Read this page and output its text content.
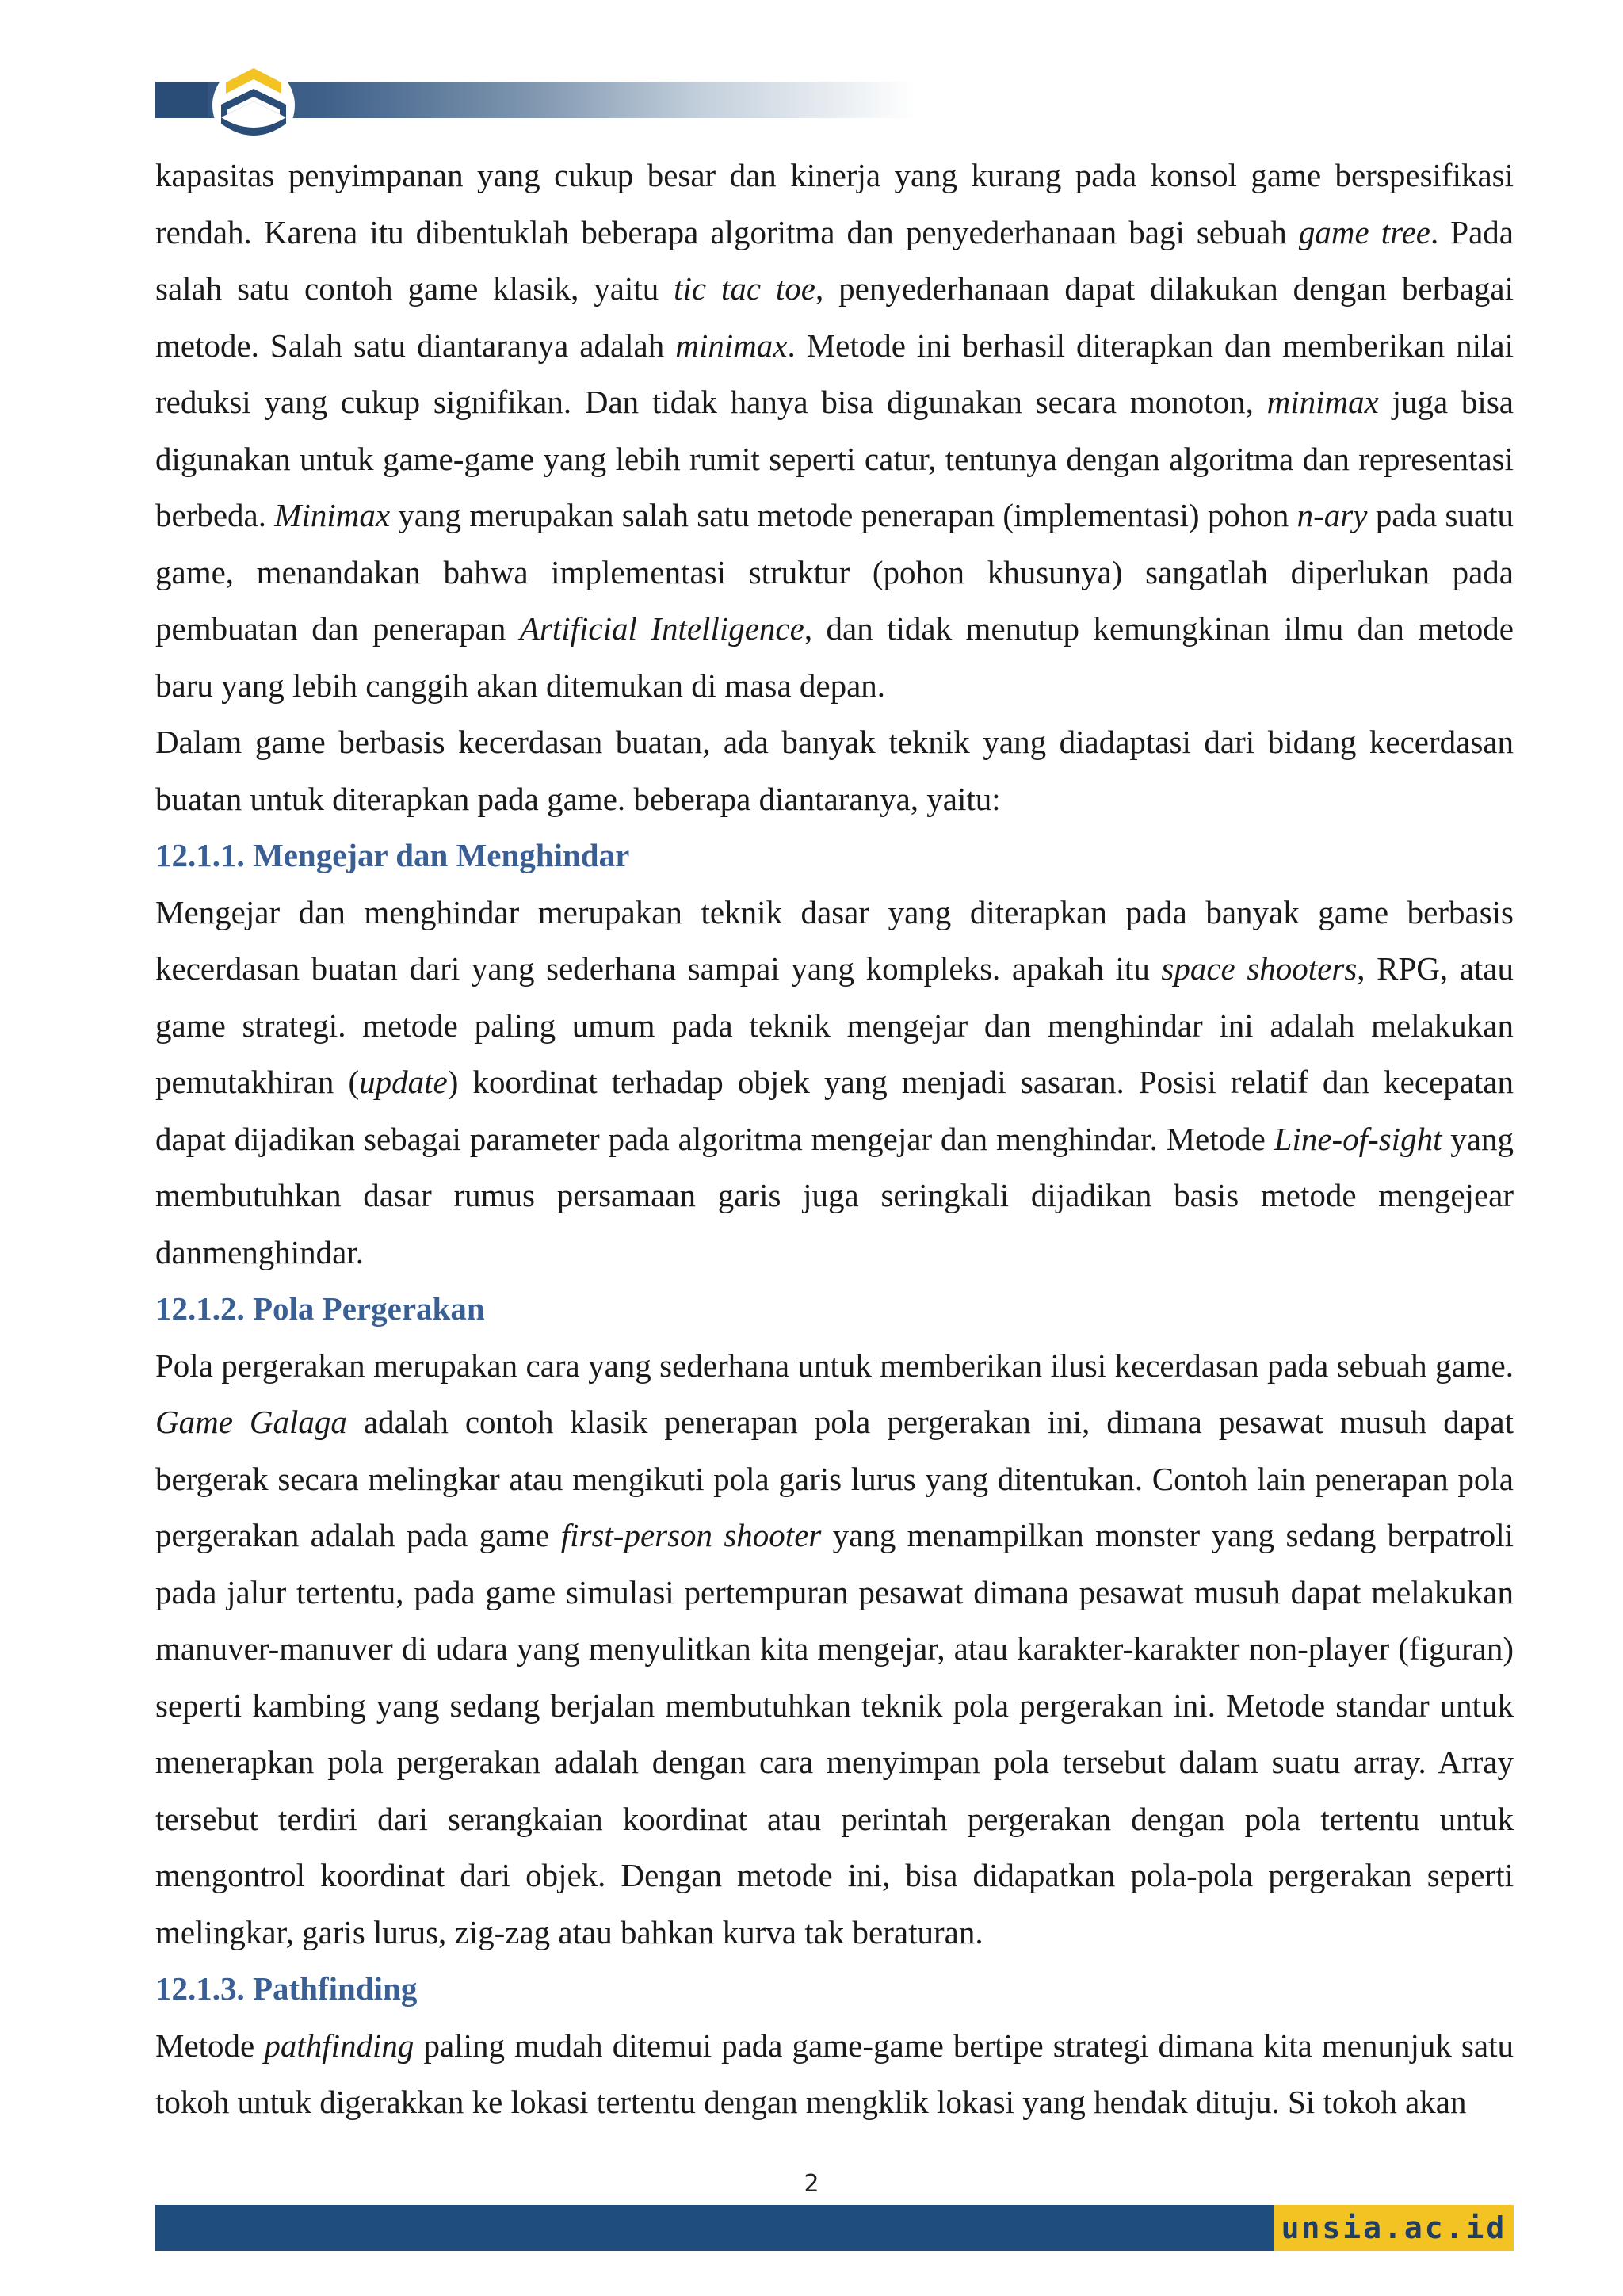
kapasitas penyimpanan yang cukup besar dan kinerja yang kurang pada konsol game berspesifikasi rendah. Karena itu dibentuklah beberapa algoritma dan penyederhanaan bagi sebuah game tree. Pada salah satu contoh game klasik, yaitu tic tac toe, penyederhanaan dapat dilakukan dengan berbagai metode. Salah satu diantaranya adalah minimax. Metode ini berhasil diterapkan dan memberikan nilai reduksi yang cukup signifikan. Dan tidak hanya bisa digunakan secara monoton, minimax juga bisa digunakan untuk game-game yang lebih rumit seperti catur, tentunya dengan algoritma dan representasi berbeda. Minimax yang merupakan salah satu metode penerapan (implementasi) pohon n-ary pada suatu game, menandakan bahwa implementasi struktur (pohon khusunya) sangatlah diperlukan pada pembuatan dan penerapan Artificial Intelligence, dan tidak menutup kemungkinan ilmu dan metode baru yang lebih canggih akan ditemukan di masa depan.

Dalam game berbasis kecerdasan buatan, ada banyak teknik yang diadaptasi dari bidang kecerdasan buatan untuk diterapkan pada game. beberapa diantaranya, yaitu:

12.1.1. Mengejar dan Menghindar

Mengejar dan menghindar merupakan teknik dasar yang diterapkan pada banyak game berbasis kecerdasan buatan dari yang sederhana sampai yang kompleks. apakah itu space shooters, RPG, atau game strategi. metode paling umum pada teknik mengejar dan menghindar ini adalah melakukan pemutakhiran (update) koordinat terhadap objek yang menjadi sasaran. Posisi relatif dan kecepatan dapat dijadikan sebagai parameter pada algoritma mengejar dan menghindar. Metode Line-of-sight yang membutuhkan dasar rumus persamaan garis juga seringkali dijadikan basis metode mengejear danmenghindar.

12.1.2. Pola Pergerakan

Pola pergerakan merupakan cara yang sederhana untuk memberikan ilusi kecerdasan pada sebuah game. Game Galaga adalah contoh klasik penerapan pola pergerakan ini, dimana pesawat musuh dapat bergerak secara melingkar atau mengikuti pola garis lurus yang ditentukan. Contoh lain penerapan pola pergerakan adalah pada game first-person shooter yang menampilkan monster yang sedang berpatroli pada jalur tertentu, pada game simulasi pertempuran pesawat dimana pesawat musuh dapat melakukan manuver-manuver di udara yang menyulitkan kita mengejar, atau karakter-karakter non-player (figuran) seperti kambing yang sedang berjalan membutuhkan teknik pola pergerakan ini. Metode standar untuk menerapkan pola pergerakan adalah dengan cara menyimpan pola tersebut dalam suatu array. Array tersebut terdiri dari serangkaian koordinat atau perintah pergerakan dengan pola tertentu untuk mengontrol koordinat dari objek. Dengan metode ini, bisa didapatkan pola-pola pergerakan seperti melingkar, garis lurus, zig-zag atau bahkan kurva tak beraturan.

12.1.3. Pathfinding

Metode pathfinding paling mudah ditemui pada game-game bertipe strategi dimana kita menunjuk satu tokoh untuk digerakkan ke lokasi tertentu dengan mengklik lokasi yang hendak dituju. Si tokoh akan

2
unsia.ac.id
